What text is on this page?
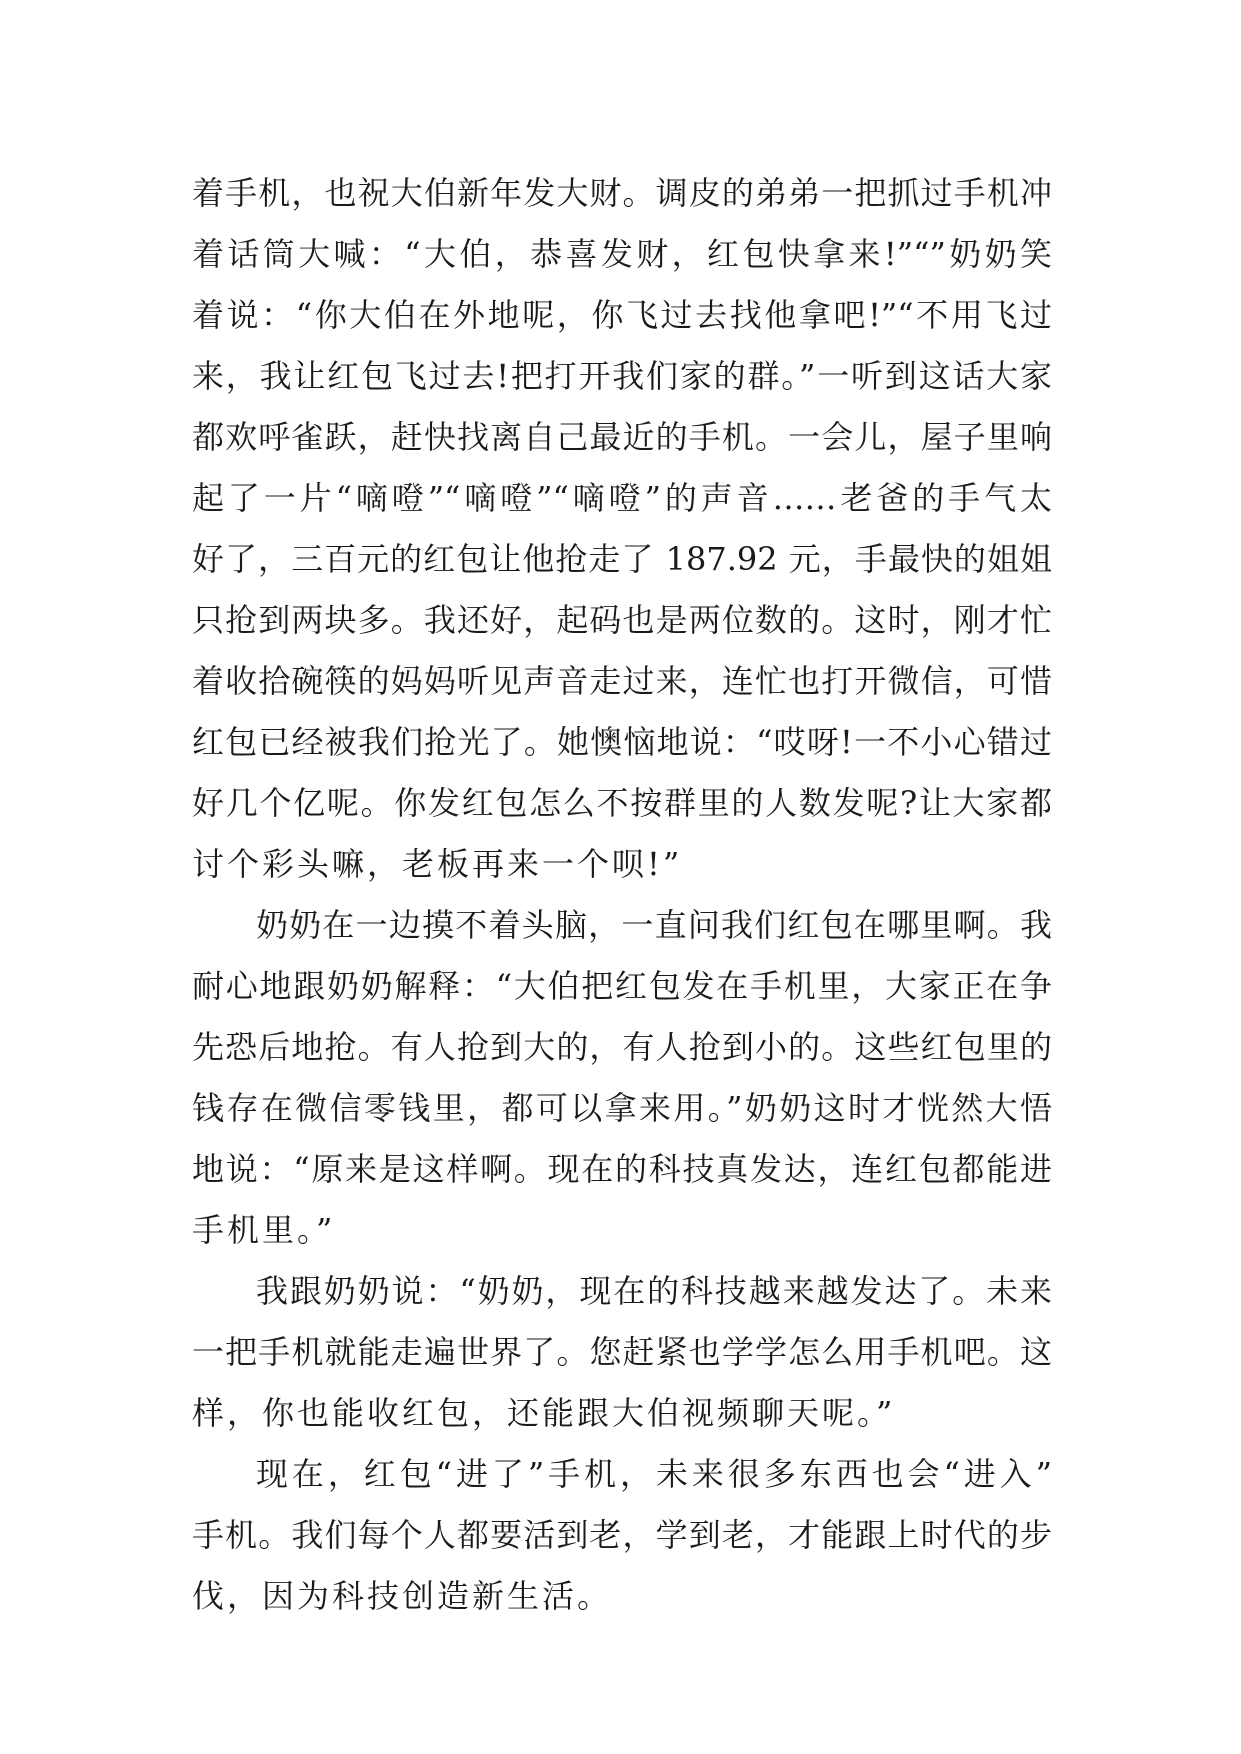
着手机，也祝大伯新年发大财。调皮的弟弟一把抓过手机冲
着话筒大喊：“大伯，恭喜发财，红包快拿来!”“”奶奶笑
着说：“你大伯在外地呢，你飞过去找他拿吧!”“不用飞过
来，我让红包飞过去!把打开我们家的群。”一听到这话大家
都欢呼雀跃，赶快找离自己最近的手机。一会儿，屋子里响
起了一片“嘀噔”“嘀噔”“嘀噔”的声音……老爸的手气太
好了，三百元的红包让他抢走了 187.92 元，手最快的姐姐
只抢到两块多。我还好，起码也是两位数的。这时，刚才忙
着收拾碗筷的妈妈听见声音走过来，连忙也打开微信，可惜
红包已经被我们抢光了。她懊恼地说：“哎呀!一不小心错过
好几个亿呢。你发红包怎么不按群里的人数发呢?让大家都
讨个彩头嘛，老板再来一个呗!”
奶奶在一边摸不着头脑，一直问我们红包在哪里啊。我
耐心地跟奶奶解释：“大伯把红包发在手机里，大家正在争
先恐后地抢。有人抢到大的，有人抢到小的。这些红包里的
钱存在微信零钱里，都可以拿来用。”奶奶这时才恍然大悟
地说：“原来是这样啊。现在的科技真发达，连红包都能进
手机里。”
我跟奶奶说：“奶奶，现在的科技越来越发达了。未来
一把手机就能走遍世界了。您赶紧也学学怎么用手机吧。这
样，你也能收红包，还能跟大伯视频聊天呢。”
现在，红包“进了”手机，未来很多东西也会“进入”
手机。我们每个人都要活到老，学到老，才能跟上时代的步
伐，因为科技创造新生活。
